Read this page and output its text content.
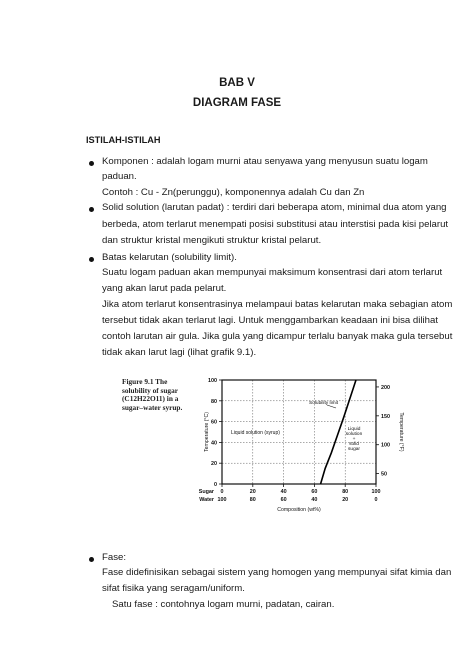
BAB V
DIAGRAM FASE
ISTILAH-ISTILAH
Komponen : adalah logam murni atau senyawa yang menyusun suatu logam
paduan.
Contoh : Cu - Zn(perunggu), komponennya adalah Cu dan Zn
Solid solution (larutan padat) : terdiri dari beberapa atom, minimal dua atom yang
berbeda, atom terlarut menempati posisi substitusi atau interstisi pada kisi pelarut
dan struktur kristal mengikuti struktur kristal pelarut.
Batas kelarutan (solubility limit).
Suatu logam paduan akan mempunyai maksimum konsentrasi dari atom terlarut
yang akan larut pada pelarut.
Jika atom terlarut konsentrasinya melampaui batas kelarutan maka sebagian atom
tersebut tidak akan terlarut lagi. Untuk menggambarkan keadaan ini bisa dilihat
contoh larutan air gula. Jika gula yang dicampur terlalu banyak maka gula tersebut
tidak akan larut lagi (lihat grafik 9.1).
Figure 9.1 The
solubility of sugar
(C12H22O11) in a
sugar–water syrup.
0
100
20
80
40
60
60
40
80
20
100
0
0
20
40
60
80
100
50
100
150
200
Temperature (°C)	Temperature (°F)
Composition (wt%)
Sugar
Water
Liquid solution (syrup)
Solubility limit
Liquid
solution
+
solid
sugar
Fase:
Fase didefinisikan sebagai sistem yang homogen yang mempunyai sifat kimia dan
sifat fisika yang seragam/uniform.
Satu fase : contohnya logam murni, padatan, cairan.
